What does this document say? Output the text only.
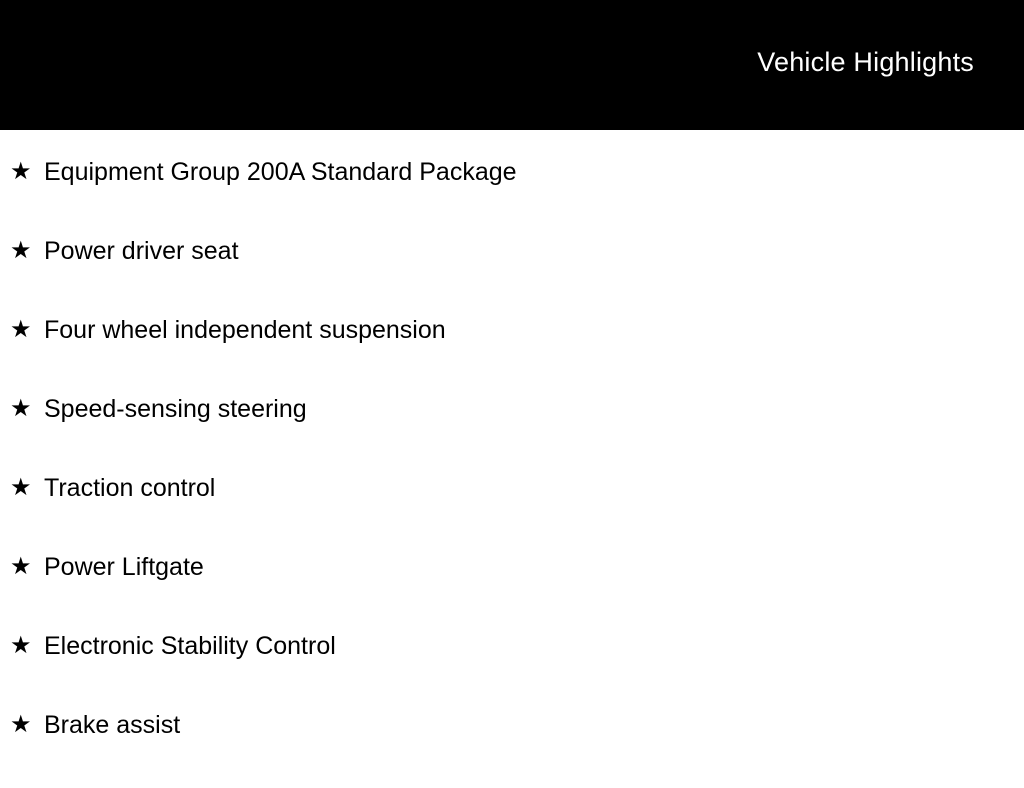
Vehicle Highlights
★ Equipment Group 200A Standard Package
★ Power driver seat
★ Four wheel independent suspension
★ Speed-sensing steering
★ Traction control
★ Power Liftgate
★ Electronic Stability Control
★ Brake assist
